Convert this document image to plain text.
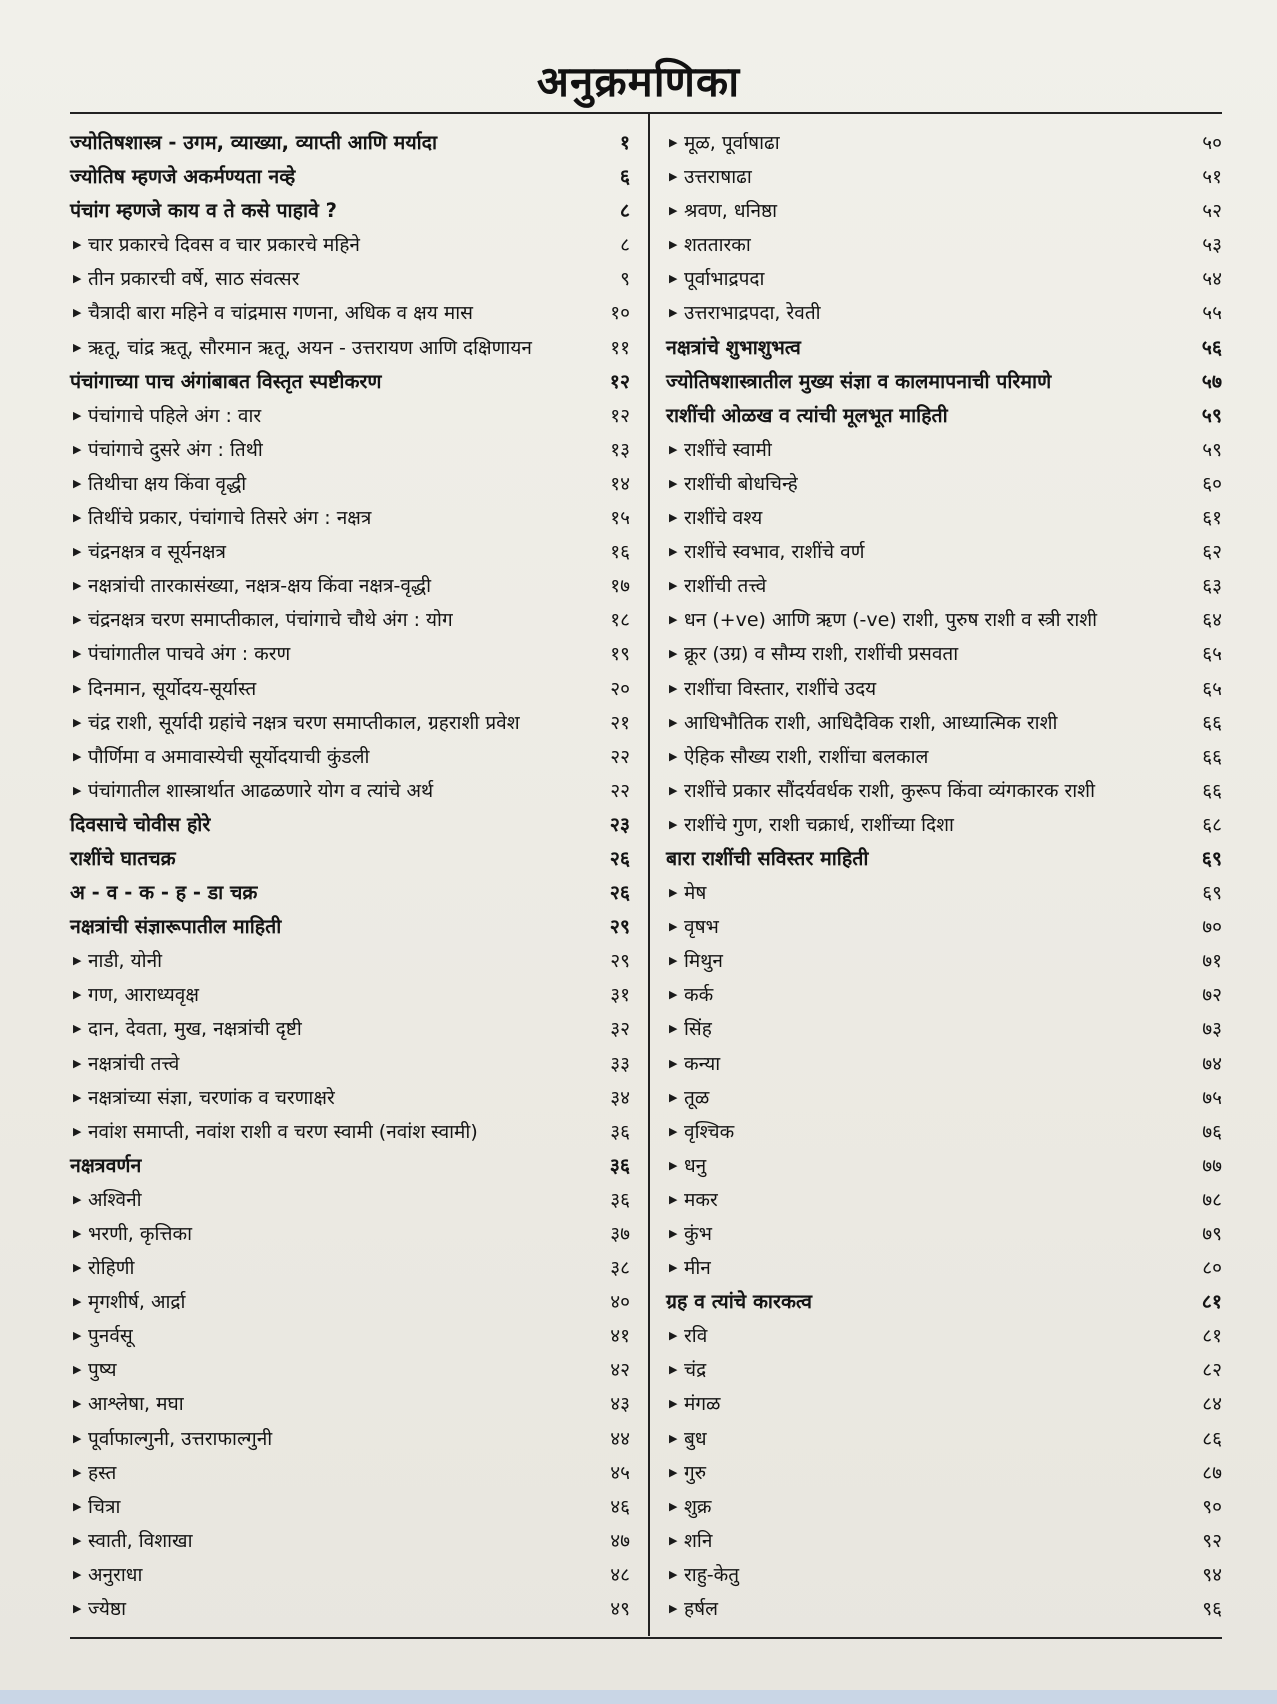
अनुक्रमणिका
ज्योतिषशास्त्र - उगम, व्याख्या, व्याप्ती आणि मर्यादा	१
ज्योतिष म्हणजे अकर्मण्यता नव्हे	६
पंचांग म्हणजे काय व ते कसे पाहावे ?	८
▶ चार प्रकारचे दिवस व चार प्रकारचे महिने	८
▶ तीन प्रकारची वर्षे, साठ संवत्सर	९
▶ चैत्रादी बारा महिने व चांद्रमास गणना, अधिक व क्षय मास	१०
▶ ऋतू, चांद्र ऋतू, सौरमान ऋतू, अयन - उत्तरायण आणि दक्षिणायन	११
पंचांगाच्या पाच अंगांबाबत विस्तृत स्पष्टीकरण	१२
▶ पंचांगाचे पहिले अंग : वार	१२
▶ पंचांगाचे दुसरे अंग : तिथी	१३
▶ तिथीचा क्षय किंवा वृद्धी	१४
▶ तिथींचे प्रकार, पंचांगाचे तिसरे अंग : नक्षत्र	१५
▶ चंद्रनक्षत्र व सूर्यनक्षत्र	१६
▶ नक्षत्रांची तारकासंख्या, नक्षत्र-क्षय किंवा नक्षत्र-वृद्धी	१७
▶ चंद्रनक्षत्र चरण समाप्तीकाल, पंचांगाचे चौथे अंग : योग	१८
▶ पंचांगातील पाचवे अंग : करण	१९
▶ दिनमान, सूर्योदय-सूर्यास्त	२०
▶ चंद्र राशी, सूर्यादी ग्रहांचे नक्षत्र चरण समाप्तीकाल, ग्रहराशी प्रवेश	२१
▶ पौर्णिमा व अमावास्येची सूर्योदयाची कुंडली	२२
▶ पंचांगातील शास्त्रार्थात आढळणारे योग व त्यांचे अर्थ	२२
दिवसाचे चोवीस होरे	२३
राशींचे घातचक्र	२६
अ - व - क - ह - डा चक्र	२६
नक्षत्रांची संज्ञारूपातील माहिती	२९
▶ नाडी, योनी	२९
▶ गण, आराध्यवृक्ष	३१
▶ दान, देवता, मुख, नक्षत्रांची दृष्टी	३२
▶ नक्षत्रांची तत्त्वे	३३
▶ नक्षत्रांच्या संज्ञा, चरणांक व चरणाक्षरे	३४
▶ नवांश समाप्ती, नवांश राशी व चरण स्वामी (नवांश स्वामी)	३६
नक्षत्रवर्णन	३६
▶ अश्विनी	३६
▶ भरणी, कृत्तिका	३७
▶ रोहिणी	३८
▶ मृगशीर्ष, आर्द्रा	४०
▶ पुनर्वसू	४१
▶ पुष्य	४२
▶ आश्लेषा, मघा	४३
▶ पूर्वाफाल्गुनी, उत्तराफाल्गुनी	४४
▶ हस्त	४५
▶ चित्रा	४६
▶ स्वाती, विशाखा	४७
▶ अनुराधा	४८
▶ ज्येष्ठा	४९
▶ मूळ, पूर्वाषाढा	५०
▶ उत्तराषाढा	५१
▶ श्रवण, धनिष्ठा	५२
▶ शततारका	५३
▶ पूर्वाभाद्रपदा	५४
▶ उत्तराभाद्रपदा, रेवती	५५
नक्षत्रांचे शुभाशुभत्व	५६
ज्योतिषशास्त्रातील मुख्य संज्ञा व कालमापनाची परिमाणे	५७
राशींची ओळख व त्यांची मूलभूत माहिती	५९
▶ राशींचे स्वामी	५९
▶ राशींची बोधचिन्हे	६०
▶ राशींचे वश्य	६१
▶ राशींचे स्वभाव, राशींचे वर्ण	६२
▶ राशींची तत्त्वे	६३
▶ धन (+ve) आणि ऋण (-ve) राशी, पुरुष राशी व स्त्री राशी	६४
▶ क्रूर (उग्र) व सौम्य राशी, राशींची प्रसवता	६५
▶ राशींचा विस्तार, राशींचे उदय	६५
▶ आधिभौतिक राशी, आधिदैविक राशी, आध्यात्मिक राशी	६६
▶ ऐहिक सौख्य राशी, राशींचा बलकाल	६६
▶ राशींचे प्रकार सौंदर्यवर्धक राशी, कुरूप किंवा व्यंगकारक राशी	६६
▶ राशींचे गुण, राशी चक्रार्ध, राशींच्या दिशा	६८
बारा राशींची सविस्तर माहिती	६९
▶ मेष	६९
▶ वृषभ	७०
▶ मिथुन	७१
▶ कर्क	७२
▶ सिंह	७३
▶ कन्या	७४
▶ तूळ	७५
▶ वृश्चिक	७६
▶ धनु	७७
▶ मकर	७८
▶ कुंभ	७९
▶ मीन	८०
ग्रह व त्यांचे कारकत्व	८१
▶ रवि	८१
▶ चंद्र	८२
▶ मंगळ	८४
▶ बुध	८६
▶ गुरु	८७
▶ शुक्र	९०
▶ शनि	९२
▶ राहु-केतु	९४
▶ हर्षल	९६
